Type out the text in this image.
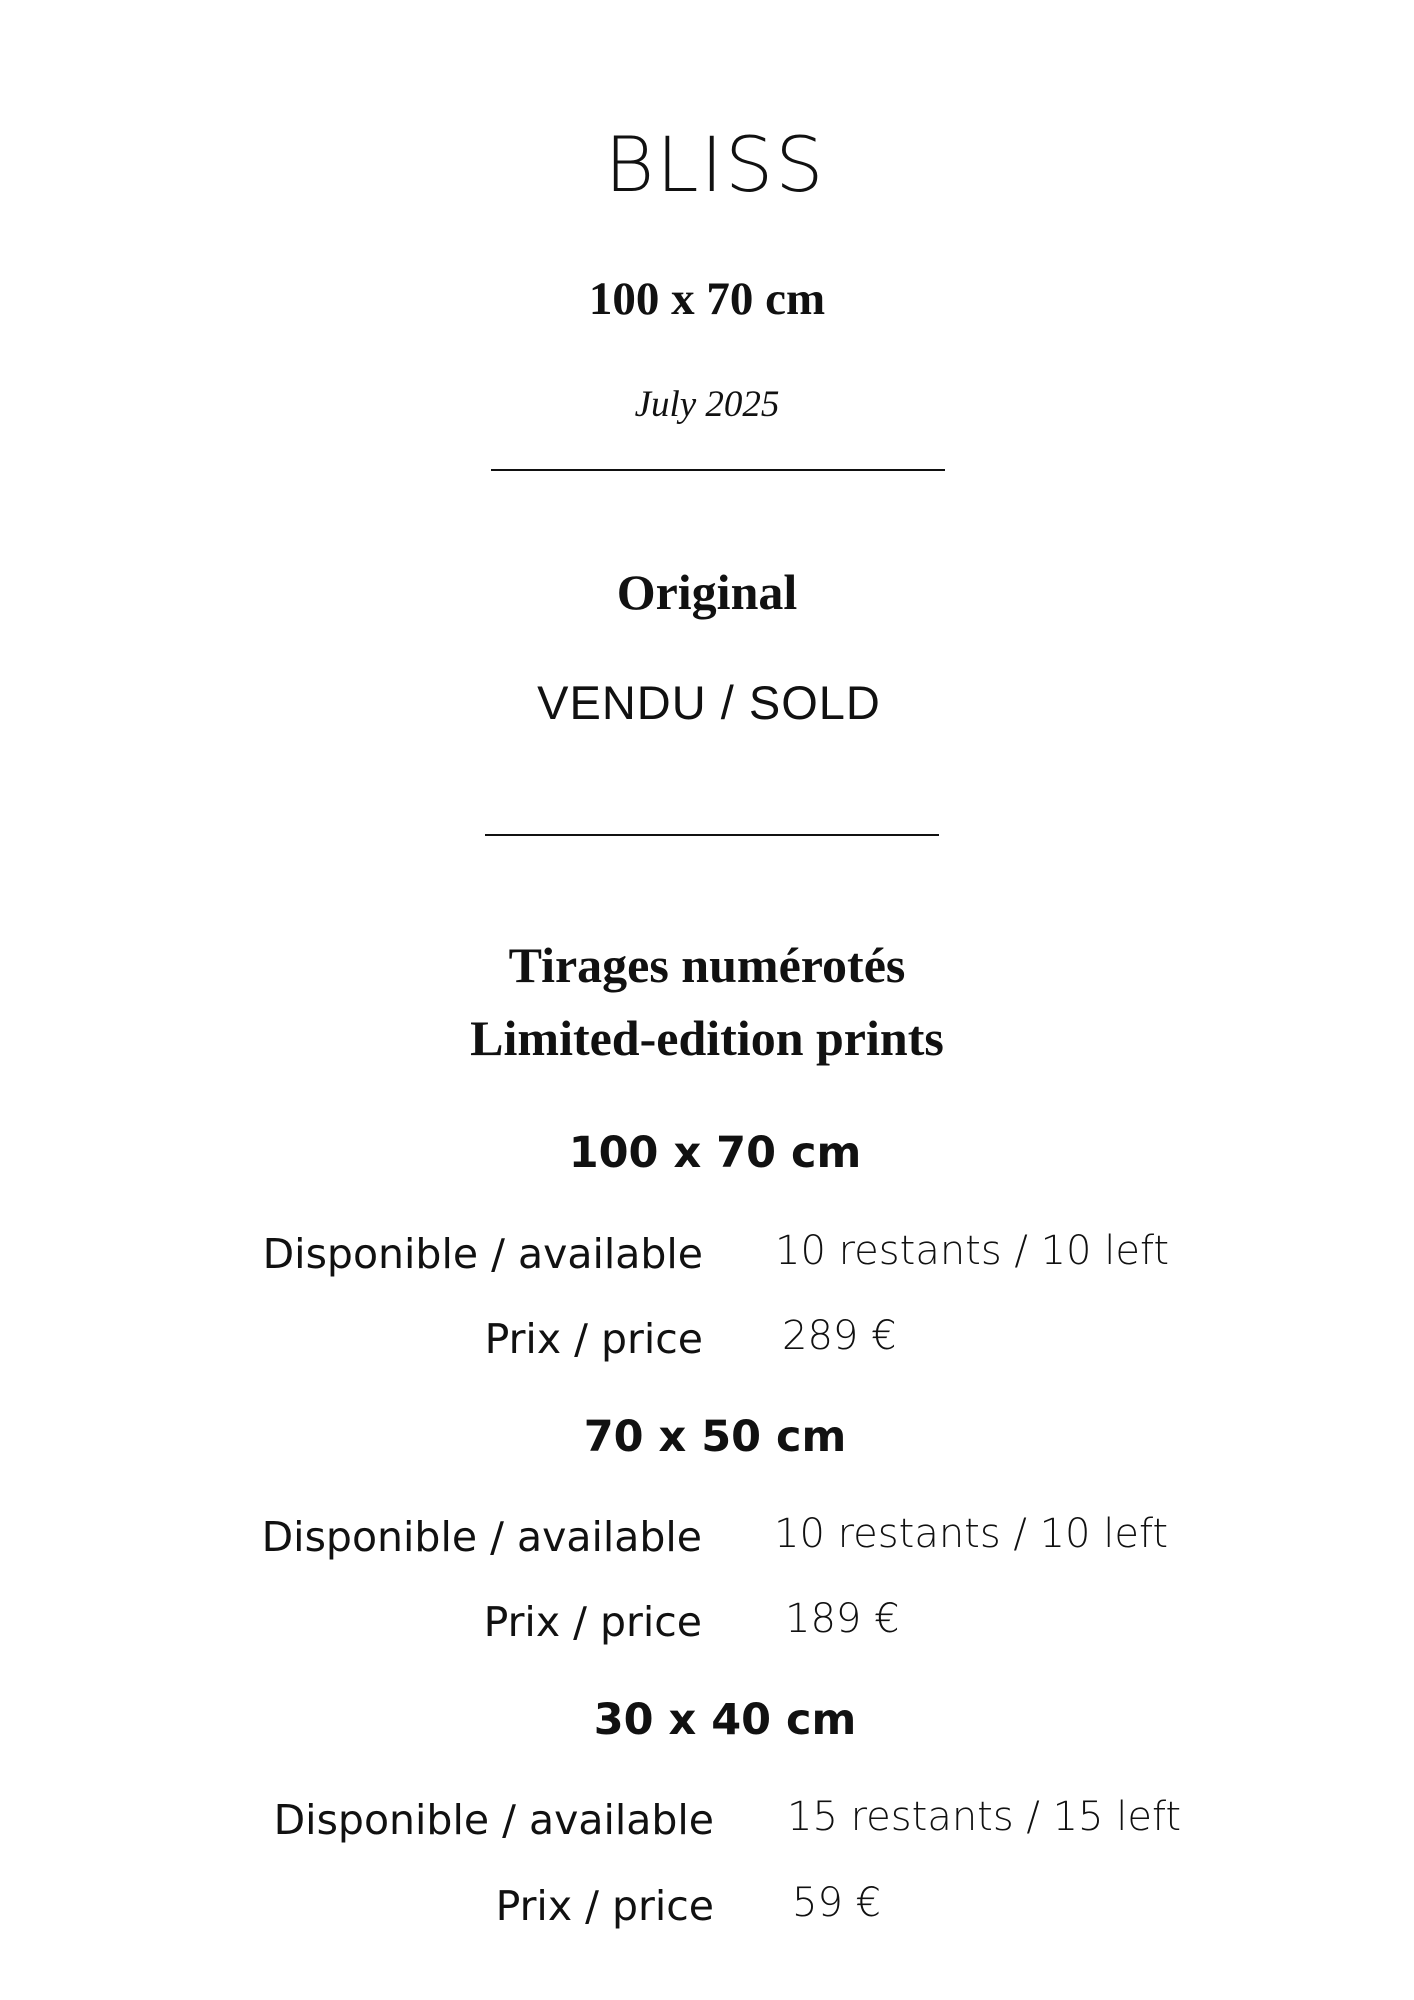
BLISS
100 x 70 cm
July 2025
Original
VENDU / SOLD
Tirages numérotés
Limited-edition prints
100 x 70 cm
Disponible / available 10 restants / 10 left
Prix / price 289 €
70 x 50 cm
Disponible / available 10 restants / 10 left
Prix / price 189 €
30 x 40 cm
Disponible / available 15 restants / 15 left
Prix / price 59 €
